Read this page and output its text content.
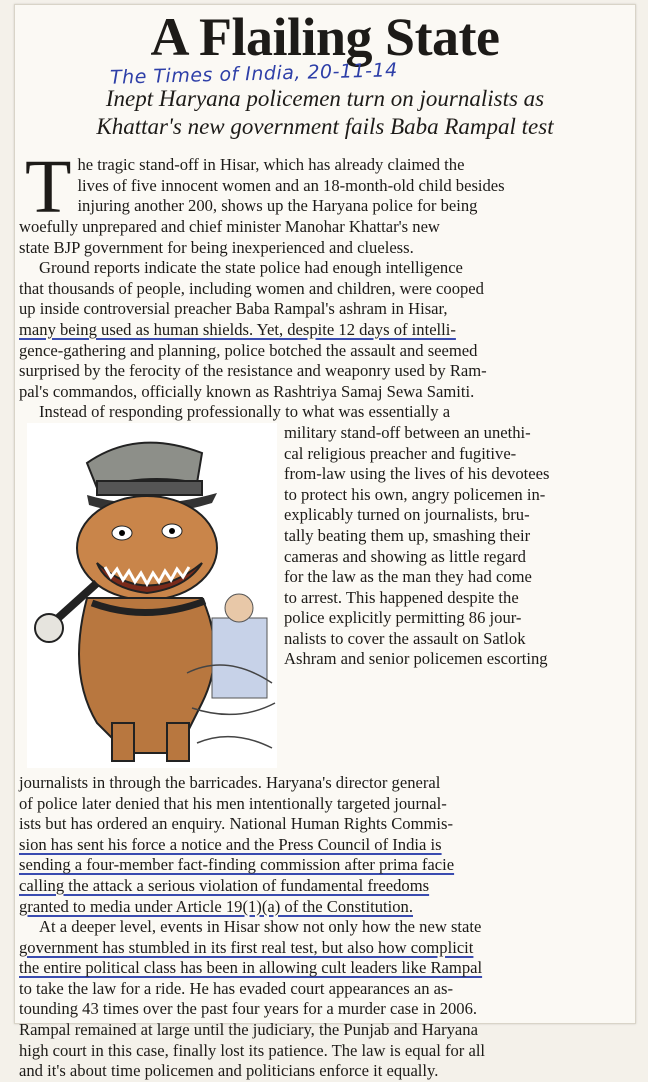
A Flailing State
The Times of India, 20-11-14
Inept Haryana policemen turn on journalists as
Khattar's new government fails Baba Rampal test
T he tragic stand-off in Hisar, which has already claimed the
lives of five innocent women and an 18-month-old child besides
injuring another 200, shows up the Haryana police for being
woefully unprepared and chief minister Manohar Khattar's new
state BJP government for being inexperienced and clueless.
Ground reports indicate the state police had enough intelligence
that thousands of people, including women and children, were cooped
up inside controversial preacher Baba Rampal's ashram in Hisar,
many being used as human shields. Yet, despite 12 days of intelli-
gence-gathering and planning, police botched the assault and seemed
surprised by the ferocity of the resistance and weaponry used by Ram-
pal's commandos, officially known as Rashtriya Samaj Sewa Samiti.
Instead of responding professionally to what was essentially a
military stand-off between an unethi-
cal religious preacher and fugitive-
from-law using the lives of his devotees
to protect his own, angry policemen in-
explicably turned on journalists, bru-
tally beating them up, smashing their
cameras and showing as little regard
for the law as the man they had come
to arrest. This happened despite the
police explicitly permitting 86 jour-
nalists to cover the assault on Satlok
Ashram and senior policemen escorting
journalists in through the barricades. Haryana's director general
of police later denied that his men intentionally targeted journal-
ists but has ordered an enquiry. National Human Rights Commis-
sion has sent his force a notice and the Press Council of India is
sending a four-member fact-finding commission after prima facie
calling the attack a serious violation of fundamental freedoms
granted to media under Article 19(1)(a) of the Constitution.
At a deeper level, events in Hisar show not only how the new state
government has stumbled in its first real test, but also how complicit
the entire political class has been in allowing cult leaders like Rampal
to take the law for a ride. He has evaded court appearances an as-
tounding 43 times over the past four years for a murder case in 2006.
Rampal remained at large until the judiciary, the Punjab and Haryana
high court in this case, finally lost its patience. The law is equal for all
and it's about time policemen and politicians enforce it equally.
